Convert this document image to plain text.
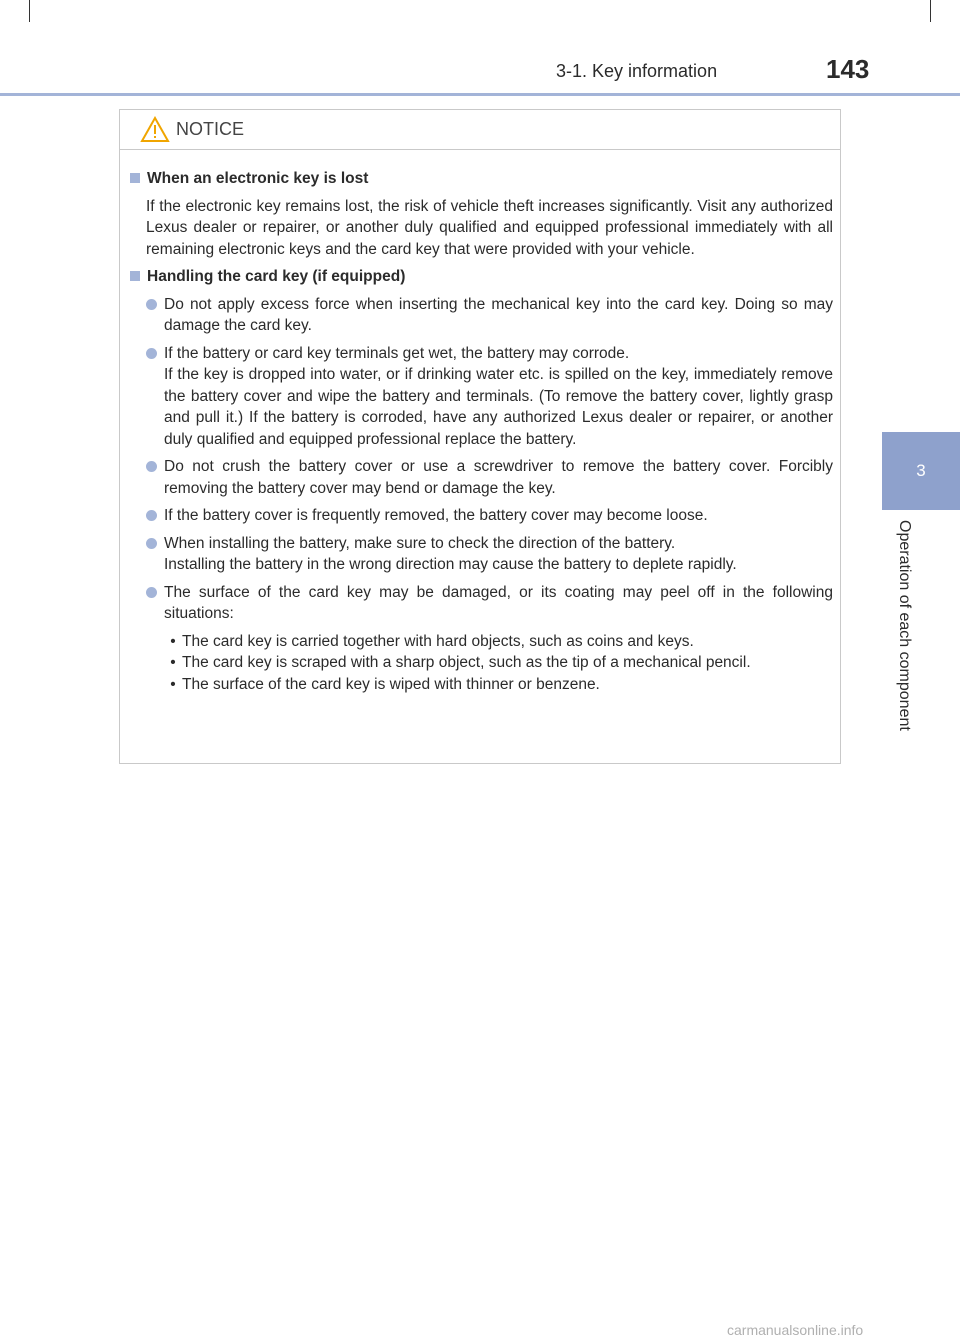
3-1. Key information	143
3
Operation of each component
NOTICE
When an electronic key is lost

If the electronic key remains lost, the risk of vehicle theft increases significantly. Visit any authorized Lexus dealer or repairer, or another duly qualified and equipped professional immediately with all remaining electronic keys and the card key that were provided with your vehicle.

Handling the card key (if equipped)

Do not apply excess force when inserting the mechanical key into the card key. Doing so may damage the card key.

If the battery or card key terminals get wet, the battery may corrode.

If the key is dropped into water, or if drinking water etc. is spilled on the key, immediately remove the battery cover and wipe the battery and terminals. (To remove the battery cover, lightly grasp and pull it.) If the battery is corroded, have any authorized Lexus dealer or repairer, or another duly qualified and equipped professional replace the battery.

Do not crush the battery cover or use a screwdriver to remove the battery cover. Forcibly removing the battery cover may bend or damage the key.

If the battery cover is frequently removed, the battery cover may become loose.

When installing the battery, make sure to check the direction of the battery.

Installing the battery in the wrong direction may cause the battery to deplete rapidly.

The surface of the card key may be damaged, or its coating may peel off in the following situations:

• The card key is carried together with hard objects, such as coins and keys.
• The card key is scraped with a sharp object, such as the tip of a mechanical pencil.
• The surface of the card key is wiped with thinner or benzene.
carmanualsonline.info
